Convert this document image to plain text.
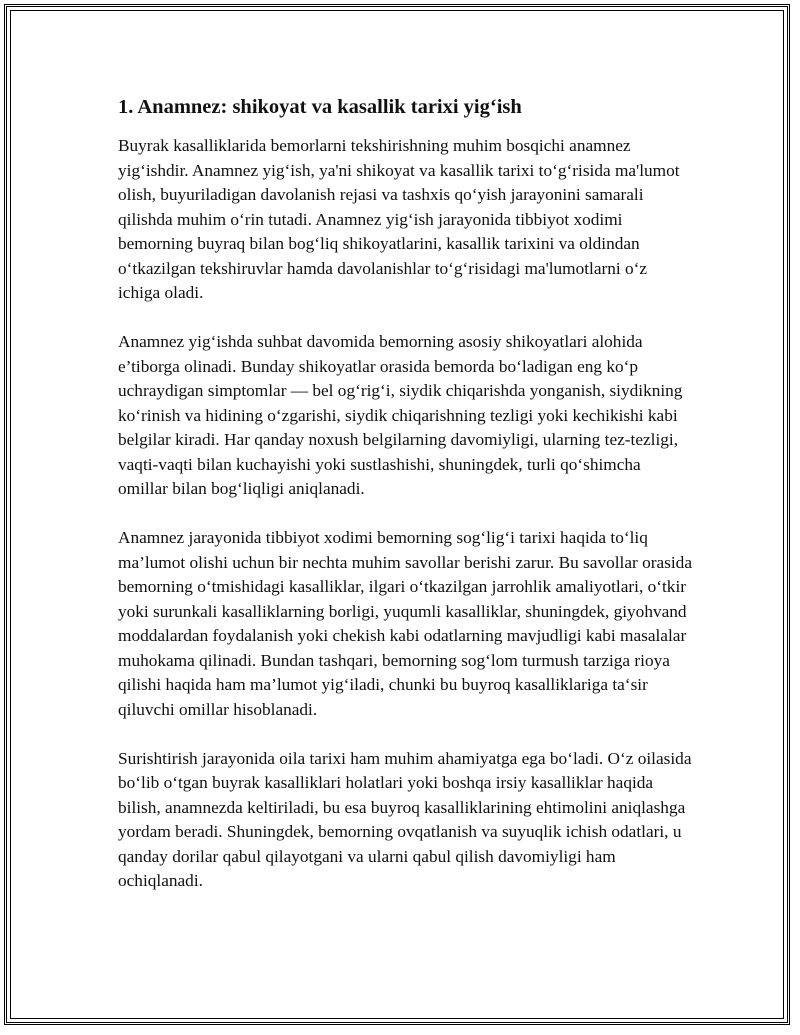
1. Anamnez: shikoyat va kasallik tarixi yig‘ish

Buyrak kasalliklarida bemorlarni tekshirishning muhim bosqichi anamnez yig‘ishdir. Anamnez yig‘ish, ya'ni shikoyat va kasallik tarixi to‘g‘risida ma'lumot olish, buyuriladigan davolanish rejasi va tashxis qo‘yish jarayonini samarali qilishda muhim o‘rin tutadi. Anamnez yig‘ish jarayonida tibbiyot xodimi bemorning buyraq bilan bog‘liq shikoyatlarini, kasallik tarixini va oldindan o‘tkazilgan tekshiruvlar hamda davolanishlar to‘g‘risidagi ma'lumotlarni o‘z ichiga oladi.

Anamnez yig‘ishda suhbat davomida bemorning asosiy shikoyatlari alohida e’tiborga olinadi. Bunday shikoyatlar orasida bemorda bo‘ladigan eng ko‘p uchraydigan simptomlar — bel og‘rig‘i, siydik chiqarishda yonganish, siydikning ko‘rinish va hidining o‘zgarishi, siydik chiqarishning tezligi yoki kechikishi kabi belgilar kiradi. Har qanday noxush belgilarning davomiyligi, ularning tez-tezligi, vaqti-vaqti bilan kuchayishi yoki sustlashishi, shuningdek, turli qo‘shimcha omillar bilan bog‘liqligi aniqlanadi.

Anamnez jarayonida tibbiyot xodimi bemorning sog‘lig‘i tarixi haqida to‘liq ma’lumot olishi uchun bir nechta muhim savollar berishi zarur. Bu savollar orasida bemorning o‘tmishidagi kasalliklar, ilgari o‘tkazilgan jarrohlik amaliyotlari, o‘tkir yoki surunkali kasalliklarning borligi, yuqumli kasalliklar, shuningdek, giyohvand moddalardan foydalanish yoki chekish kabi odatlarning mavjudligi kabi masalalar muhokama qilinadi. Bundan tashqari, bemorning sog‘lom turmush tarziga rioya qilishi haqida ham ma’lumot yig‘iladi, chunki bu buyroq kasalliklariga ta‘sir qiluvchi omillar hisoblanadi.

Surishtirish jarayonida oila tarixi ham muhim ahamiyatga ega bo‘ladi. O‘z oilasida bo‘lib o‘tgan buyrak kasalliklari holatlari yoki boshqa irsiy kasalliklar haqida bilish, anamnezda keltiriladi, bu esa buyroq kasalliklarining ehtimolini aniqlashga yordam beradi. Shuningdek, bemorning ovqatlanish va suyuqlik ichish odatlari, u qanday dorilar qabul qilayotgani va ularni qabul qilish davomiyligi ham ochiqlanadi.
